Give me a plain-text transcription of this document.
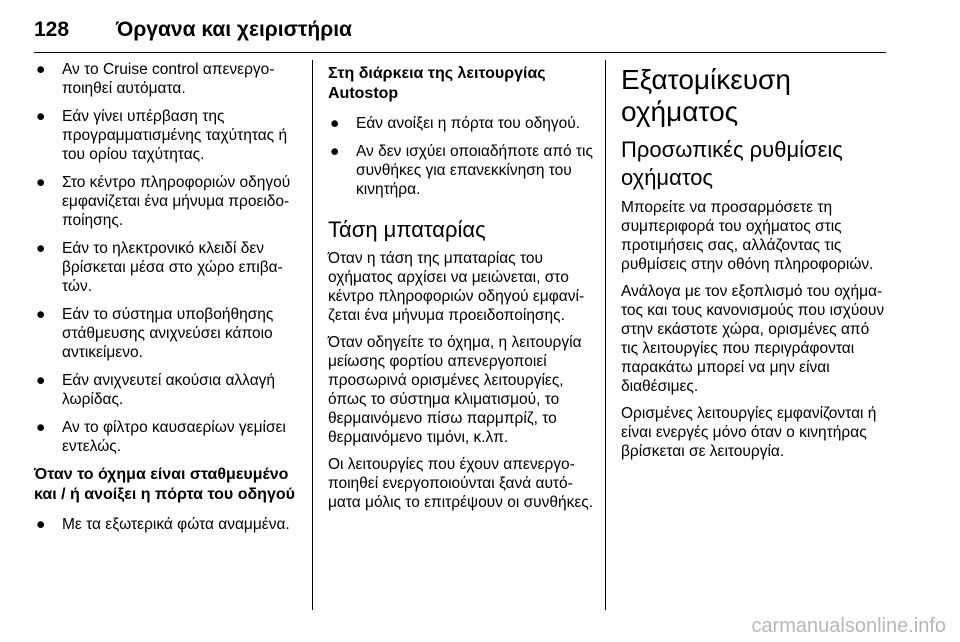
128 Όργανα και χειριστήρια
● Αν το Cruise control απενεργοποιηθεί αυτόματα.
● Εάν γίνει υπέρβαση της προγραμματισμένης ταχύτητας ή του ορίου ταχύτητας.
● Στο κέντρο πληροφοριών οδηγού εμφανίζεται ένα μήνυμα προειδοποίησης.
● Εάν το ηλεκτρονικό κλειδί δεν βρίσκεται μέσα στο χώρο επιβατών.
● Εάν το σύστημα υποβοήθησης στάθμευσης ανιχνεύσει κάποιο αντικείμενο.
● Εάν ανιχνευτεί ακούσια αλλαγή λωρίδας.
● Αν το φίλτρο καυσαερίων γεμίσει εντελώς.
Όταν το όχημα είναι σταθμευμένο και / ή ανοίξει η πόρτα του οδηγού
● Με τα εξωτερικά φώτα αναμμένα.
Στη διάρκεια της λειτουργίας Autostop
● Εάν ανοίξει η πόρτα του οδηγού.
● Αν δεν ισχύει οποιαδήποτε από τις συνθήκες για επανεκκίνηση του κινητήρα.
Τάση μπαταρίας

Όταν η τάση της μπαταρίας του οχήματος αρχίσει να μειώνεται, στο κέντρο πληροφοριών οδηγού εμφανίζεται ένα μήνυμα προειδοποίησης.

Όταν οδηγείτε το όχημα, η λειτουργία μείωσης φορτίου απενεργοποιεί προσωρινά ορισμένες λειτουργίες, όπως το σύστημα κλιματισμού, το θερμαινόμενο πίσω παρμπρίζ, το θερμαινόμενο τιμόνι, κ.λπ.

Οι λειτουργίες που έχουν απενεργοποιηθεί ενεργοποιούνται ξανά αυτόματα μόλις το επιτρέψουν οι συνθήκες.

Εξατομίκευση οχήματος
Προσωπικές ρυθμίσεις οχήματος

Μπορείτε να προσαρμόσετε τη συμπεριφορά του οχήματος στις προτιμήσεις σας, αλλάζοντας τις ρυθμίσεις στην οθόνη πληροφοριών.

Ανάλογα με τον εξοπλισμό του οχήματος και τους κανονισμούς που ισχύουν στην εκάστοτε χώρα, ορισμένες από τις λειτουργίες που περιγράφονται παρακάτω μπορεί να μην είναι διαθέσιμες.

Ορισμένες λειτουργίες εμφανίζονται ή είναι ενεργές μόνο όταν ο κινητήρας βρίσκεται σε λειτουργία.

carmanualsonline.info
